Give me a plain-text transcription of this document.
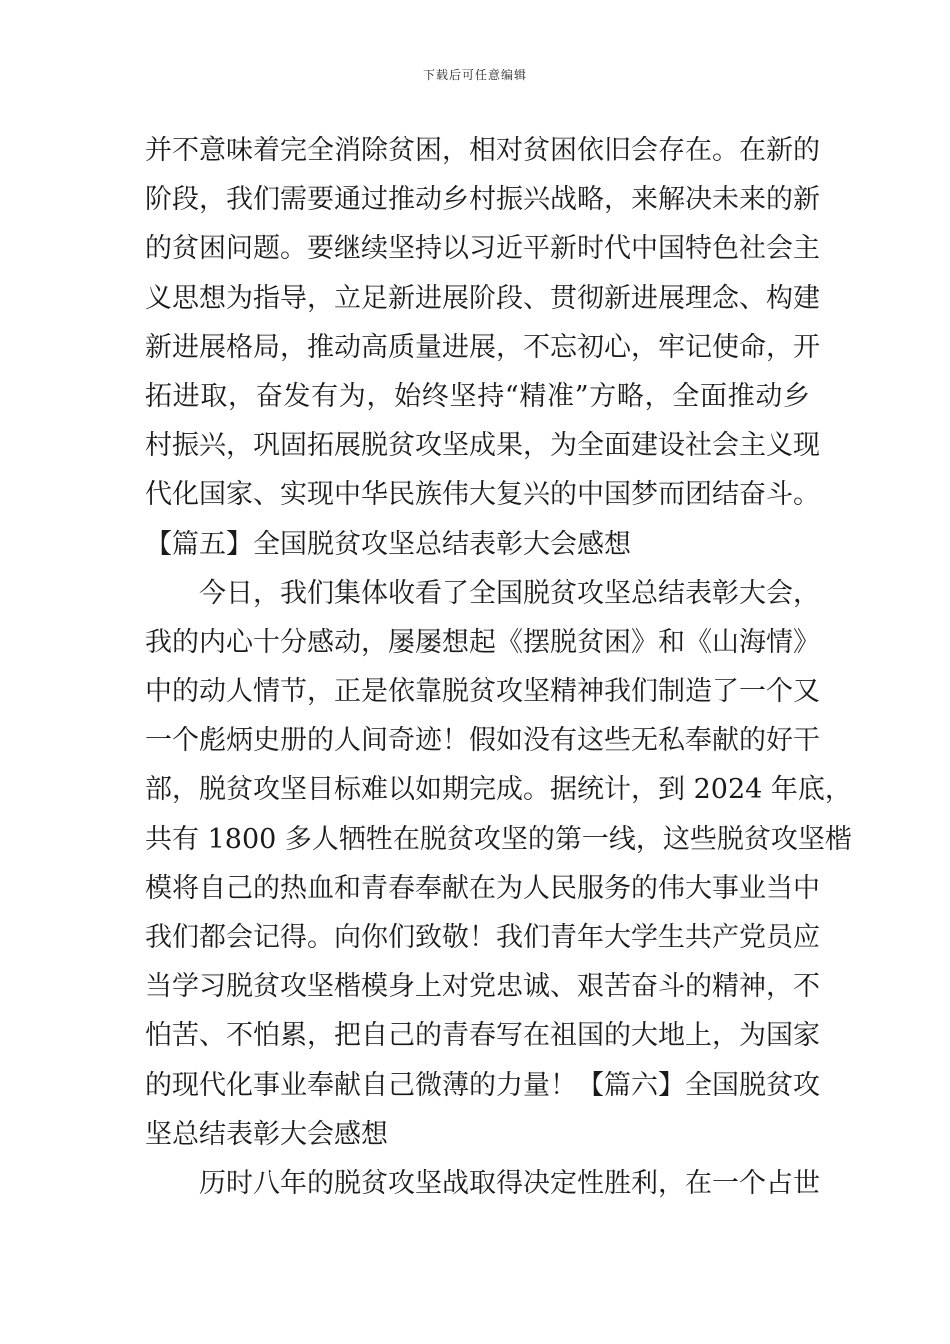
下载后可任意编辑
并不意味着完全消除贫困，相对贫困依旧会存在。在新的
阶段，我们需要通过推动乡村振兴战略，来解决未来的新
的贫困问题。要继续坚持以习近平新时代中国特色社会主
义思想为指导，立足新进展阶段、贯彻新进展理念、构建
新进展格局，推动高质量进展，不忘初心，牢记使命，开
拓进取，奋发有为，始终坚持“精准”方略，全面推动乡
村振兴，巩固拓展脱贫攻坚成果，为全面建设社会主义现
代化国家、实现中华民族伟大复兴的中国梦而团结奋斗。
【篇五】全国脱贫攻坚总结表彰大会感想
今日，我们集体收看了全国脱贫攻坚总结表彰大会，
我的内心十分感动，屡屡想起《摆脱贫困》和《山海情》
中的动人情节，正是依靠脱贫攻坚精神我们制造了一个又
一个彪炳史册的人间奇迹！假如没有这些无私奉献的好干
部，脱贫攻坚目标难以如期完成。据统计，到 2024 年底，
共有 1800 多人牺牲在脱贫攻坚的第一线，这些脱贫攻坚楷
模将自己的热血和青春奉献在为人民服务的伟大事业当中
我们都会记得。向你们致敬！我们青年大学生共产党员应
当学习脱贫攻坚楷模身上对党忠诚、艰苦奋斗的精神，不
怕苦、不怕累，把自己的青春写在祖国的大地上，为国家
的现代化事业奉献自己微薄的力量！【篇六】全国脱贫攻
坚总结表彰大会感想
历时八年的脱贫攻坚战取得决定性胜利，在一个占世
